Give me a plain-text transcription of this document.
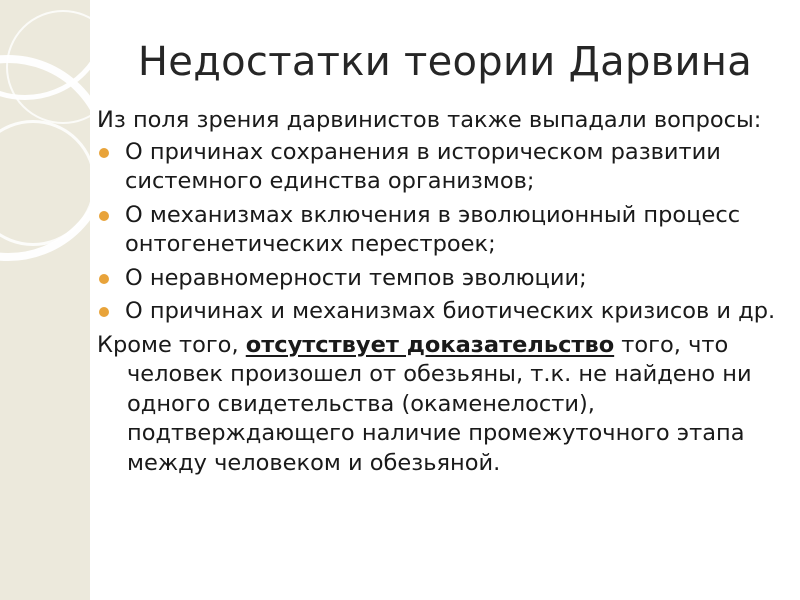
Недостатки теории Дарвина

Из поля зрения дарвинистов также выпадали вопросы:

О причинах сохранения в историческом развитии системного единства организмов;
О механизмах включения в эволюционный процесс онтогенетических перестроек;
О неравномерности темпов эволюции;
О причинах и механизмах биотических кризисов и др.

Кроме того, отсутствует доказательство того, что человек произошел от обезьяны, т.к. не найдено ни одного свидетельства (окаменелости), подтверждающего наличие промежуточного этапа между человеком и обезьяной.
